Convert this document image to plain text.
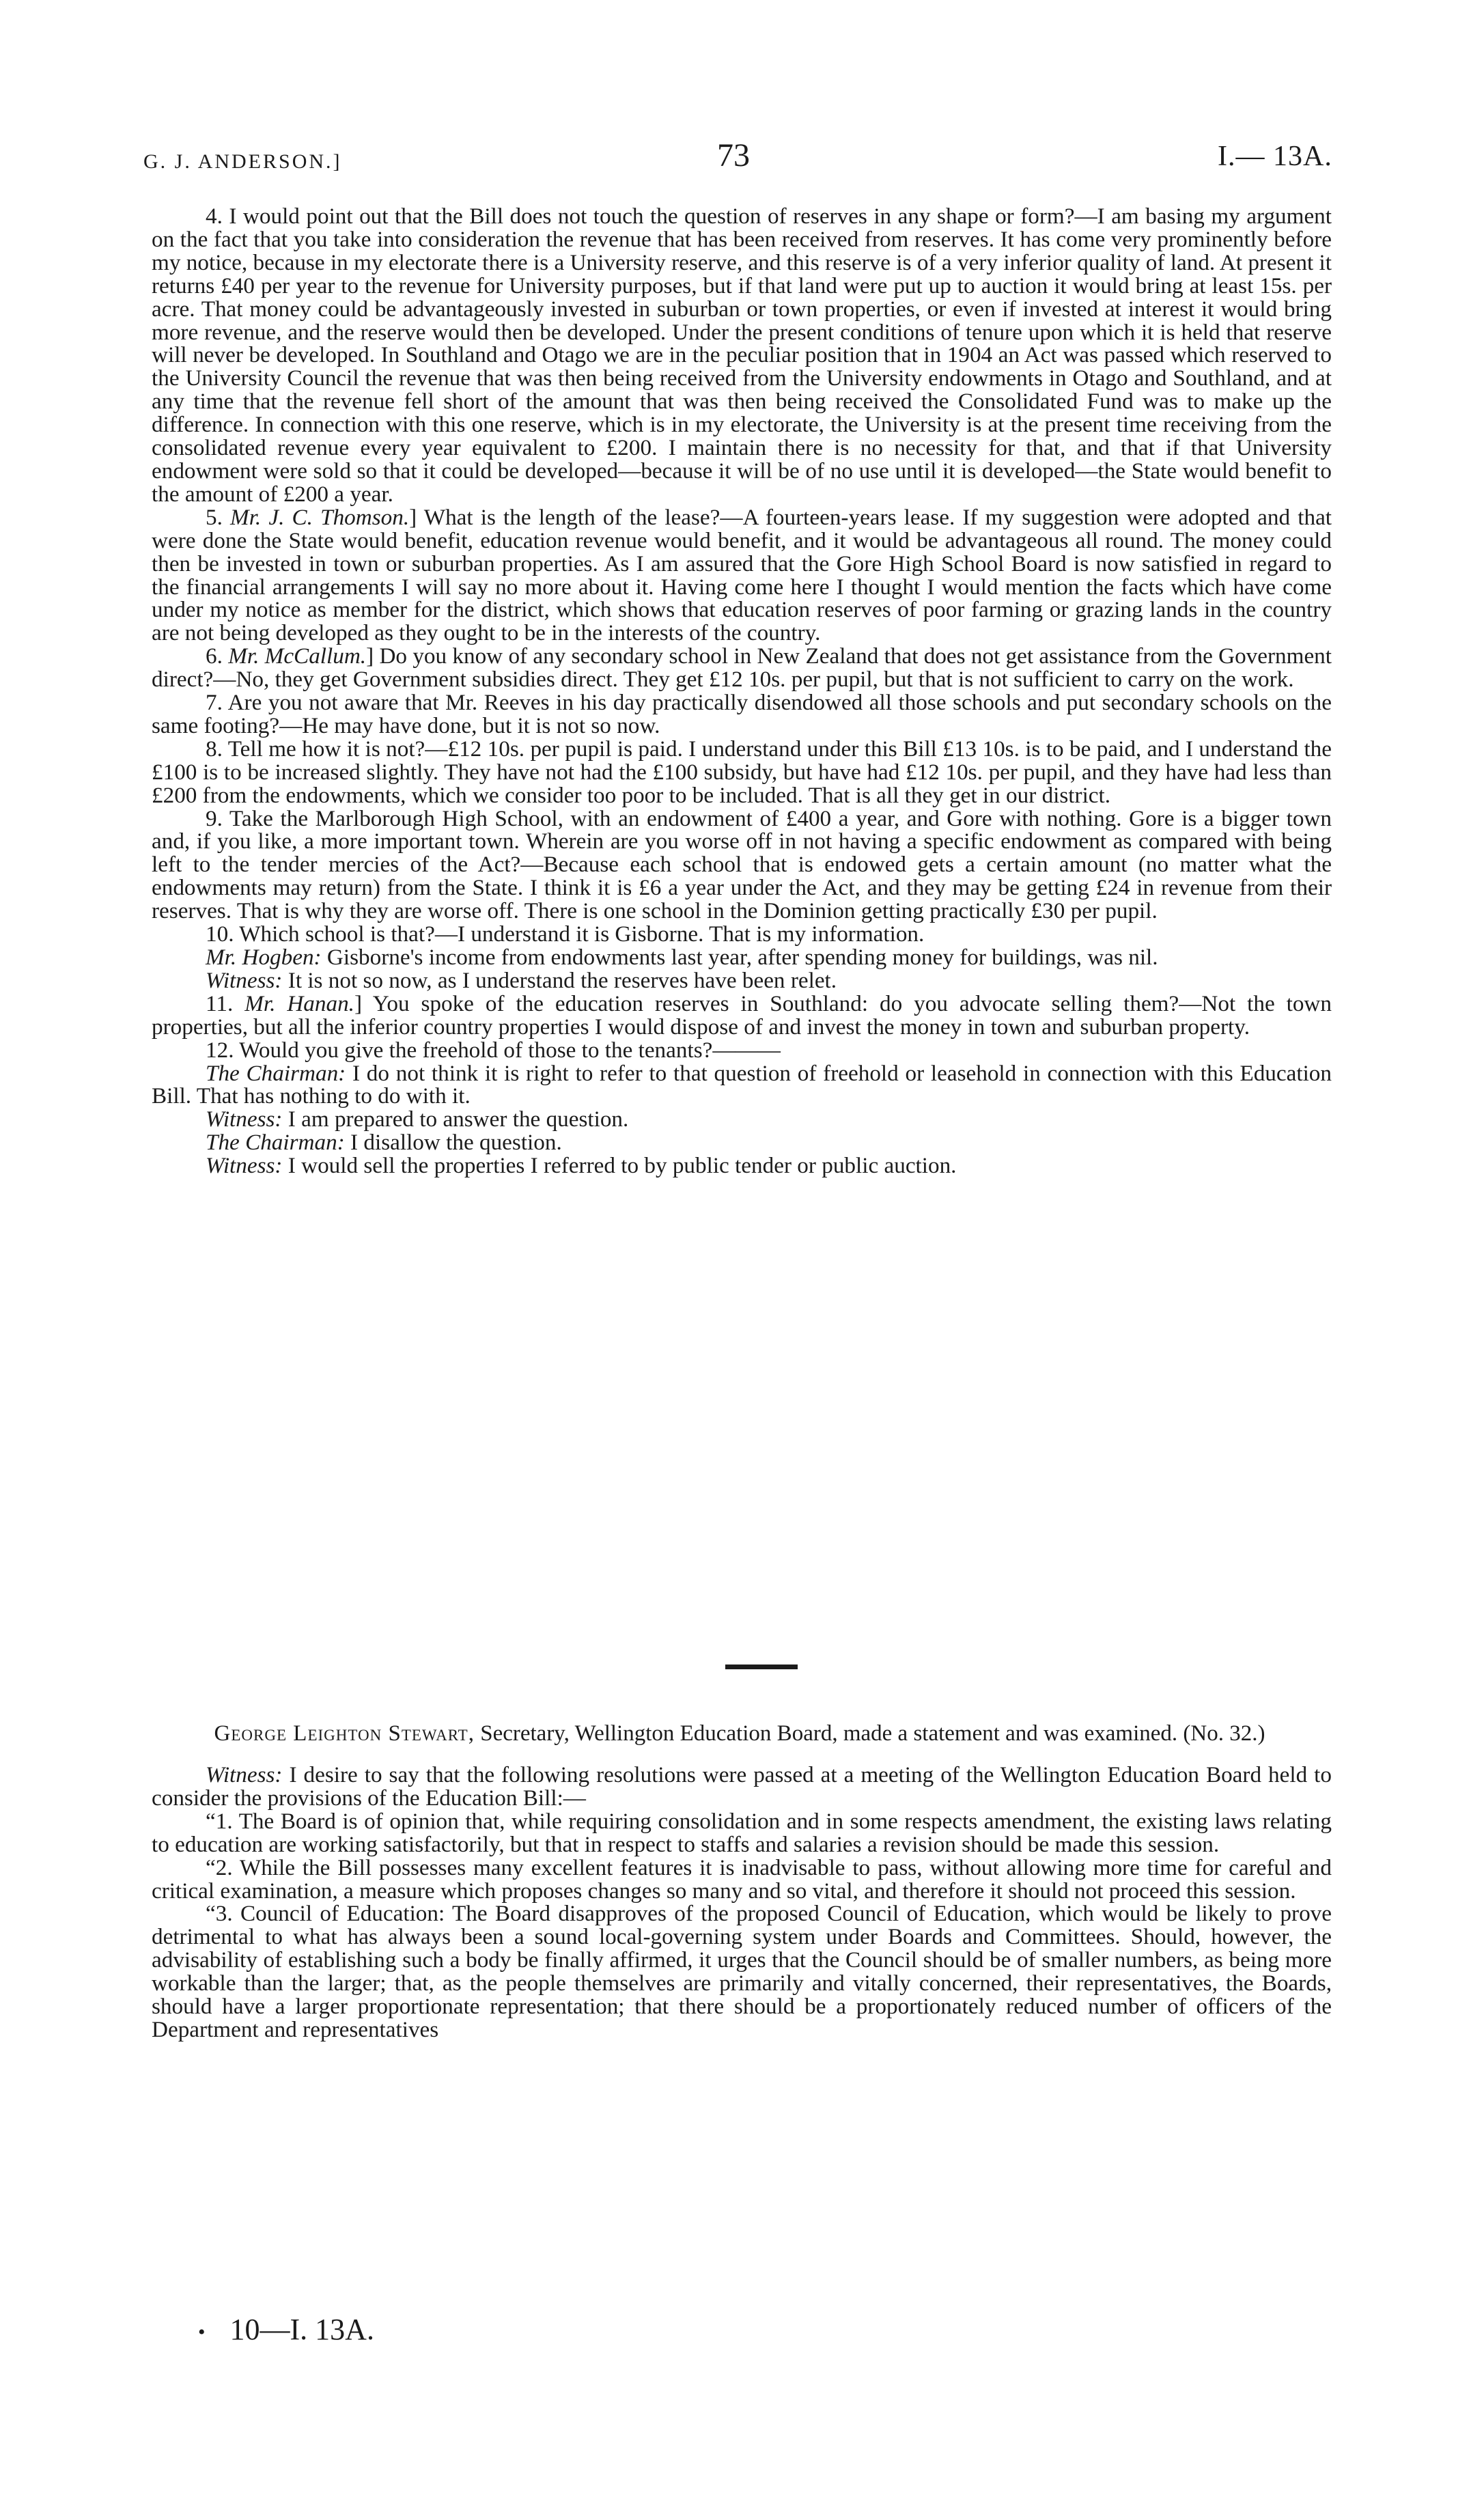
G. J. ANDERSON.]	73	I.— 13A.

4. I would point out that the Bill does not touch the question of reserves in any shape or form?—I am basing my argument on the fact that you take into consideration the revenue that has been received from reserves. It has come very prominently before my notice, because in my electorate there is a University reserve, and this reserve is of a very inferior quality of land. At present it returns £40 per year to the revenue for University purposes, but if that land were put up to auction it would bring at least 15s. per acre. That money could be advantageously invested in suburban or town properties, or even if invested at interest it would bring more revenue, and the reserve would then be developed. Under the present conditions of tenure upon which it is held that reserve will never be developed. In Southland and Otago we are in the peculiar position that in 1904 an Act was passed which reserved to the University Council the revenue that was then being received from the University endowments in Otago and Southland, and at any time that the revenue fell short of the amount that was then being received the Consolidated Fund was to make up the difference. In connection with this one reserve, which is in my electorate, the University is at the present time receiving from the consolidated revenue every year equivalent to £200. I maintain there is no necessity for that, and that if that University endowment were sold so that it could be developed—because it will be of no use until it is developed—the State would benefit to the amount of £200 a year.

5. Mr. J. C. Thomson.] What is the length of the lease?—A fourteen-years lease. If my suggestion were adopted and that were done the State would benefit, education revenue would benefit, and it would be advantageous all round. The money could then be invested in town or suburban properties. As I am assured that the Gore High School Board is now satisfied in regard to the financial arrangements I will say no more about it. Having come here I thought I would mention the facts which have come under my notice as member for the district, which shows that education reserves of poor farming or grazing lands in the country are not being developed as they ought to be in the interests of the country.

6. Mr. McCallum.] Do you know of any secondary school in New Zealand that does not get assistance from the Government direct?—No, they get Government subsidies direct. They get £12 10s. per pupil, but that is not sufficient to carry on the work.

7. Are you not aware that Mr. Reeves in his day practically disendowed all those schools and put secondary schools on the same footing?—He may have done, but it is not so now.

8. Tell me how it is not?—£12 10s. per pupil is paid. I understand under this Bill £13 10s. is to be paid, and I understand the £100 is to be increased slightly. They have not had the £100 subsidy, but have had £12 10s. per pupil, and they have had less than £200 from the endowments, which we consider too poor to be included. That is all they get in our district.

9. Take the Marlborough High School, with an endowment of £400 a year, and Gore with nothing. Gore is a bigger town and, if you like, a more important town. Wherein are you worse off in not having a specific endowment as compared with being left to the tender mercies of the Act?—Because each school that is endowed gets a certain amount (no matter what the endowments may return) from the State. I think it is £6 a year under the Act, and they may be getting £24 in revenue from their reserves. That is why they are worse off. There is one school in the Dominion getting practically £30 per pupil.

10. Which school is that?—I understand it is Gisborne. That is my information.

Mr. Hogben: Gisborne's income from endowments last year, after spending money for buildings, was nil.

Witness: It is not so now, as I understand the reserves have been relet.

11. Mr. Hanan.] You spoke of the education reserves in Southland: do you advocate selling them?—Not the town properties, but all the inferior country properties I would dispose of and invest the money in town and suburban property.

12. Would you give the freehold of those to the tenants?———

The Chairman: I do not think it is right to refer to that question of freehold or leasehold in connection with this Education Bill. That has nothing to do with it.

Witness: I am prepared to answer the question.

The Chairman: I disallow the question.

Witness: I would sell the properties I referred to by public tender or public auction.

George Leighton Stewart, Secretary, Wellington Education Board, made a statement and was examined. (No. 32.)

Witness: I desire to say that the following resolutions were passed at a meeting of the Wellington Education Board held to consider the provisions of the Education Bill:—

“1. The Board is of opinion that, while requiring consolidation and in some respects amendment, the existing laws relating to education are working satisfactorily, but that in respect to staffs and salaries a revision should be made this session.

“2. While the Bill possesses many excellent features it is inadvisable to pass, without allowing more time for careful and critical examination, a measure which proposes changes so many and so vital, and therefore it should not proceed this session.

“3. Council of Education: The Board disapproves of the proposed Council of Education, which would be likely to prove detrimental to what has always been a sound local-governing system under Boards and Committees. Should, however, the advisability of establishing such a body be finally affirmed, it urges that the Council should be of smaller numbers, as being more workable than the larger; that, as the people themselves are primarily and vitally concerned, their representatives, the Boards, should have a larger proportionate representation; that there should be a proportionately reduced number of officers of the Department and representatives

• 10—I. 13A.
